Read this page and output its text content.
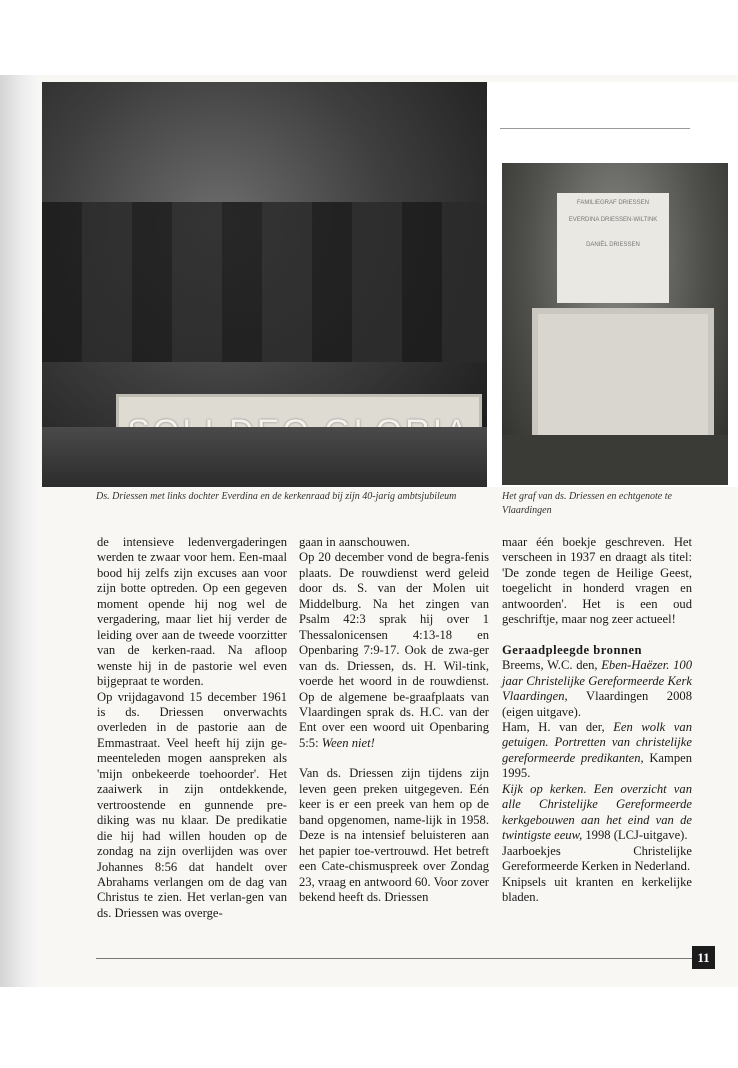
FAMILIEGRAF DRIESSEN
EVERDINA DRIESSEN-WILTINK
DANIËL DRIESSEN
Ds. Driessen met links dochter Everdina en de kerkenraad bij zijn 40-jarig ambtsjubileum	Het graf van ds. Driessen en echtgenote te Vlaardingen

de intensieve ledenvergaderingen werden te zwaar voor hem. Een-maal bood hij zelfs zijn excuses aan voor zijn botte optreden. Op een gegeven moment opende hij nog wel de vergadering, maar liet hij verder de leiding over aan de tweede voorzitter van de kerken-raad. Na afloop wenste hij in de pastorie wel even bijgepraat te worden.

Op vrijdagavond 15 december 1961 is ds. Driessen onverwachts overleden in de pastorie aan de Emmastraat. Veel heeft hij zijn ge-meenteleden mogen aanspreken als 'mijn onbekeerde toehoorder'. Het zaaiwerk in zijn ontdekkende, vertroostende en gunnende pre-diking was nu klaar. De predikatie die hij had willen houden op de zondag na zijn overlijden was over Johannes 8:56 dat handelt over Abrahams verlangen om de dag van Christus te zien. Het verlan-gen van ds. Driessen was overge-

gaan in aanschouwen.

Op 20 december vond de begra-fenis plaats. De rouwdienst werd geleid door ds. S. van der Molen uit Middelburg. Na het zingen van Psalm 42:3 sprak hij over 1 Thessalonicensen 4:13-18 en Openbaring 7:9-17. Ook de zwa-ger van ds. Driessen, ds. H. Wil-tink, voerde het woord in de rouwdienst. Op de algemene be-graafplaats van Vlaardingen sprak ds. H.C. van der Ent over een woord uit Openbaring 5:5: Ween niet!

Van ds. Driessen zijn tijdens zijn leven geen preken uitgegeven. Eén keer is er een preek van hem op de band opgenomen, name-lijk in 1958. Deze is na intensief beluisteren aan het papier toe-vertrouwd. Het betreft een Cate-chismuspreek over Zondag 23, vraag en antwoord 60. Voor zover bekend heeft ds. Driessen

maar één boekje geschreven. Het verscheen in 1937 en draagt als titel: 'De zonde tegen de Heilige Geest, toegelicht in honderd vragen en antwoorden'. Het is een oud geschriftje, maar nog zeer actueel!

Geraadpleegde bronnen

Breems, W.C. den, Eben-Haëzer. 100 jaar Christelijke Gereformeerde Kerk Vlaardingen, Vlaardingen 2008 (eigen uitgave).

Ham, H. van der, Een wolk van getuigen. Portretten van christelijke gereformeerde predikanten, Kampen 1995.

Kijk op kerken. Een overzicht van alle Christelijke Gereformeerde kerkgebouwen aan het eind van de twintigste eeuw, 1998 (LCJ-uitgave).

Jaarboekjes Christelijke Gereformeerde Kerken in Nederland.

Knipsels uit kranten en kerkelijke bladen.

11
